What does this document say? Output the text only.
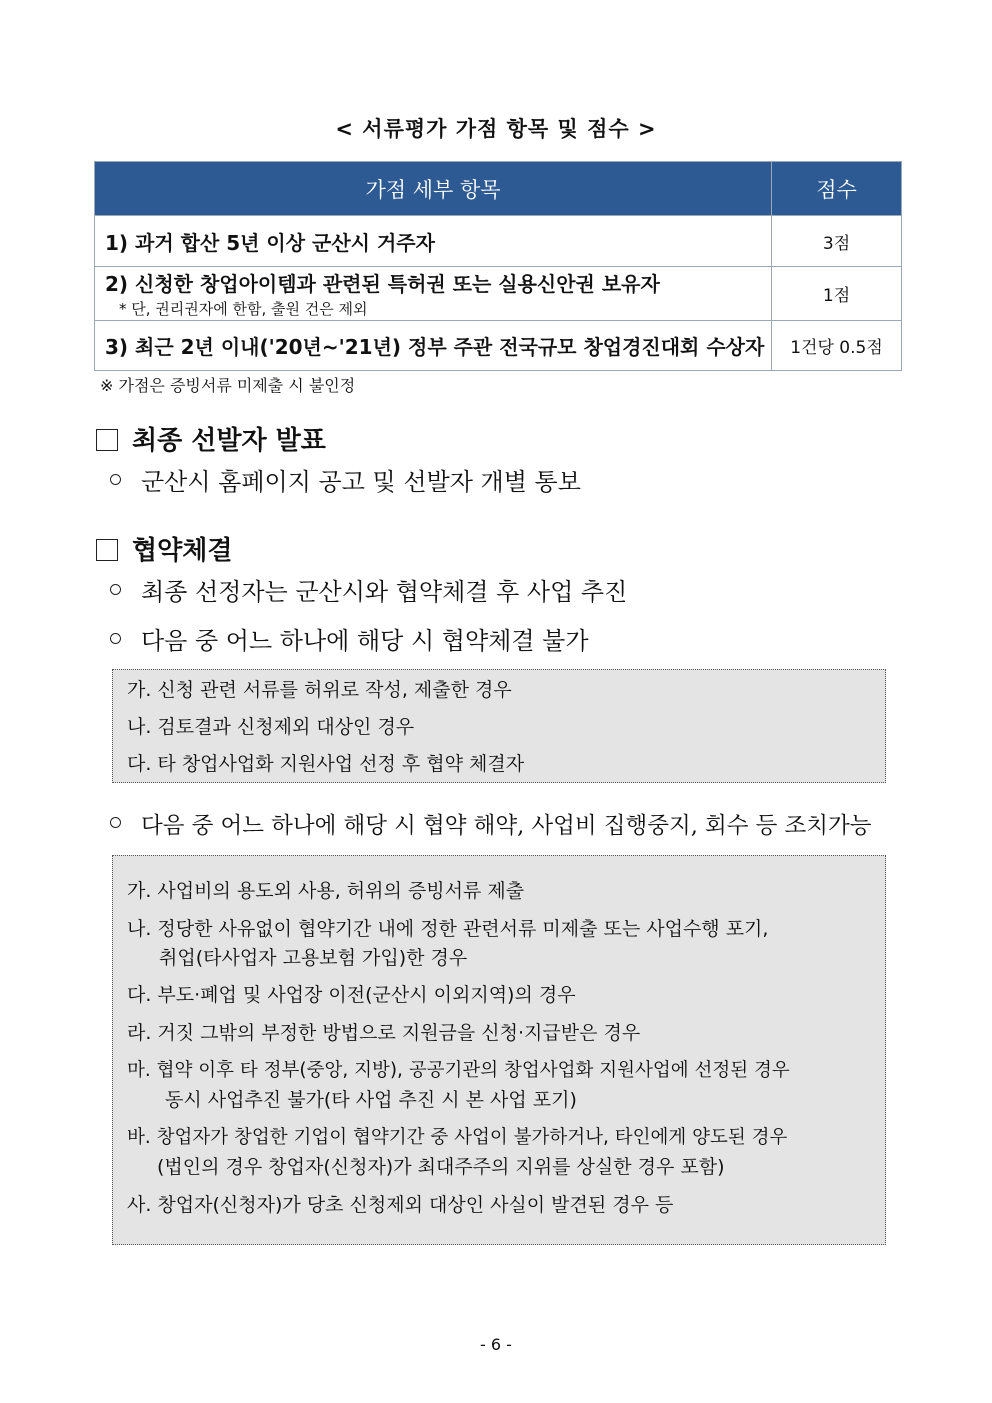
< 서류평가 가점 항목 및 점수 >
가점 세부 항목	점수
1) 과거 합산 5년 이상 군산시 거주자	3점
2) 신청한 창업아이템과 관련된 특허권 또는 실용신안권 보유자
* 단, 권리권자에 한함, 출원 건은 제외	1점
3) 최근 2년 이내('20년~'21년) 정부 주관 전국규모 창업경진대회 수상자	1건당 0.5점
※ 가점은 증빙서류 미제출 시 불인정
최종 선발자 발표
군산시 홈페이지 공고 및 선발자 개별 통보
협약체결
최종 선정자는 군산시와 협약체결 후 사업 추진
다음 중 어느 하나에 해당 시 협약체결 불가
가. 신청 관련 서류를 허위로 작성, 제출한 경우
나. 검토결과 신청제외 대상인 경우
다. 타 창업사업화 지원사업 선정 후 협약 체결자
다음 중 어느 하나에 해당 시 협약 해약, 사업비 집행중지, 회수 등 조치가능
가. 사업비의 용도외 사용, 허위의 증빙서류 제출
나. 정당한 사유없이 협약기간 내에 정한 관련서류 미제출 또는 사업수행 포기,
취업(타사업자 고용보험 가입)한 경우
다. 부도·폐업 및 사업장 이전(군산시 이외지역)의 경우
라. 거짓 그밖의 부정한 방법으로 지원금을 신청·지급받은 경우
마. 협약 이후 타 정부(중앙, 지방), 공공기관의 창업사업화 지원사업에 선정된 경우
동시 사업추진 불가(타 사업 추진 시 본 사업 포기)
바. 창업자가 창업한 기업이 협약기간 중 사업이 불가하거나, 타인에게 양도된 경우
(법인의 경우 창업자(신청자)가 최대주주의 지위를 상실한 경우 포함)
사. 창업자(신청자)가 당초 신청제외 대상인 사실이 발견된 경우 등
- 6 -
